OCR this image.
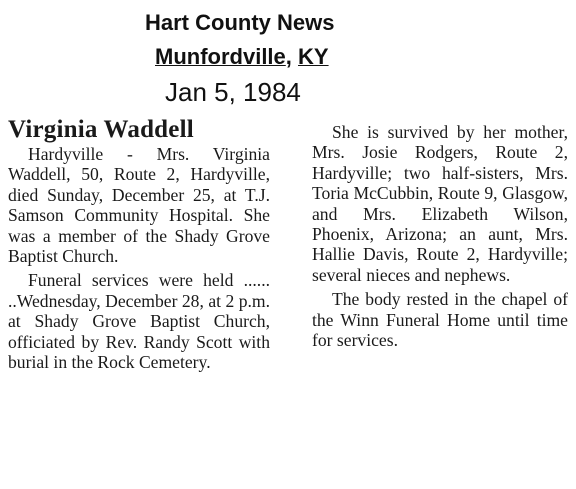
Hart County News
Munfordville, KY
Jan 5, 1984
Virginia Waddell

Hardyville - Mrs. Virginia Waddell, 50, Route 2, Hardyville, died Sunday, December 25, at T.J. Samson Community Hospital. She was a member of the Shady Grove Baptist Church.

Funeral services were held ...... ..Wednesday, December 28, at 2 p.m. at Shady Grove Baptist Church, officiated by Rev. Randy Scott with burial in the Rock Cemetery.

She is survived by her mother, Mrs. Josie Rodgers, Route 2, Hardyville; two half-sisters, Mrs. Toria McCubbin, Route 9, Glasgow, and Mrs. Elizabeth Wilson, Phoenix, Arizona; an aunt, Mrs. Hallie Davis, Route 2, Hardyville; several nieces and nephews.

The body rested in the chapel of the Winn Funeral Home until time for services.
